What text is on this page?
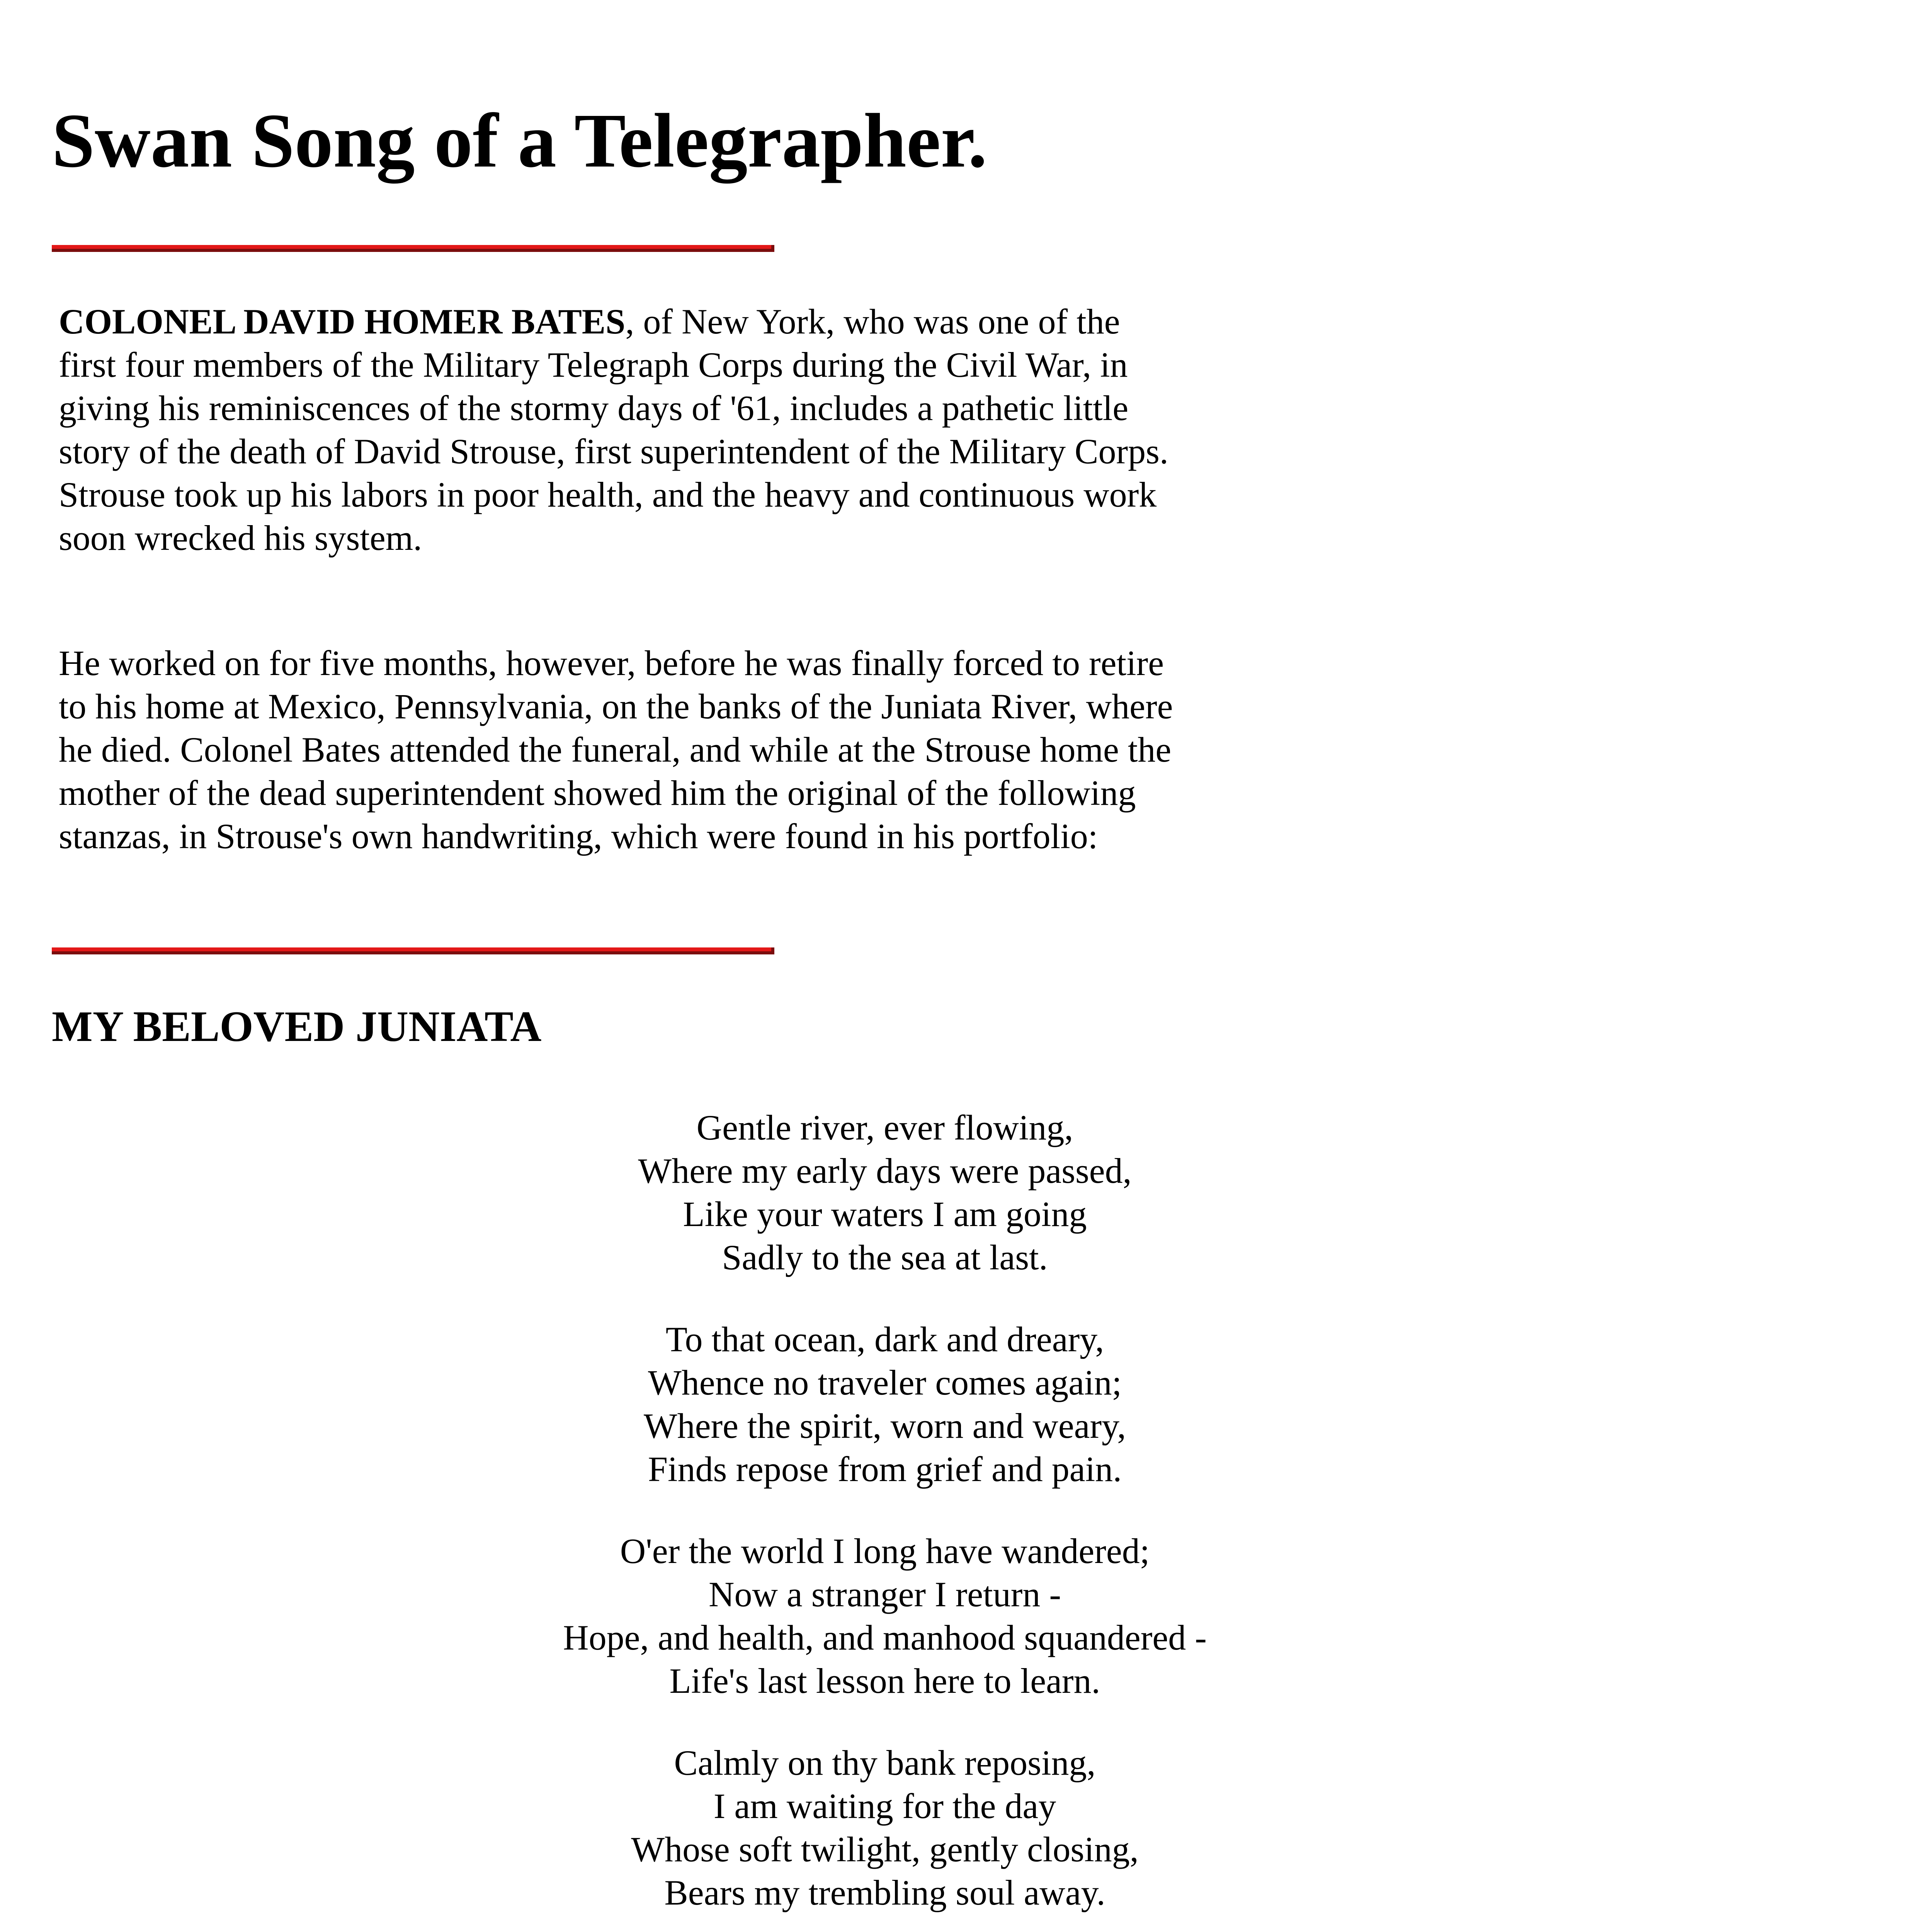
Swan Song of a Telegrapher.

COLONEL DAVID HOMER BATES, of New York, who was one of the first four members of the Military Telegraph Corps during the Civil War, in giving his reminiscences of the stormy days of '61, includes a pathetic little story of the death of David Strouse, first superintendent of the Military Corps. Strouse took up his labors in poor health, and the heavy and continuous work soon wrecked his system.

He worked on for five months, however, before he was finally forced to retire to his home at Mexico, Pennsylvania, on the banks of the Juniata River, where he died. Colonel Bates attended the funeral, and while at the Strouse home the mother of the dead superintendent showed him the original of the following stanzas, in Strouse's own handwriting, which were found in his portfolio:

MY BELOVED JUNIATA

Gentle river, ever flowing,
Where my early days were passed,
Like your waters I am going
Sadly to the sea at last.

To that ocean, dark and dreary,
Whence no traveler comes again;
Where the spirit, worn and weary,
Finds repose from grief and pain.

O'er the world I long have wandered;
Now a stranger I return -
Hope, and health, and manhood squandered -
Life's last lesson here to learn.

Calmly on thy bank reposing,
I am waiting for the day
Whose soft twilight, gently closing,
Bears my trembling soul away.
